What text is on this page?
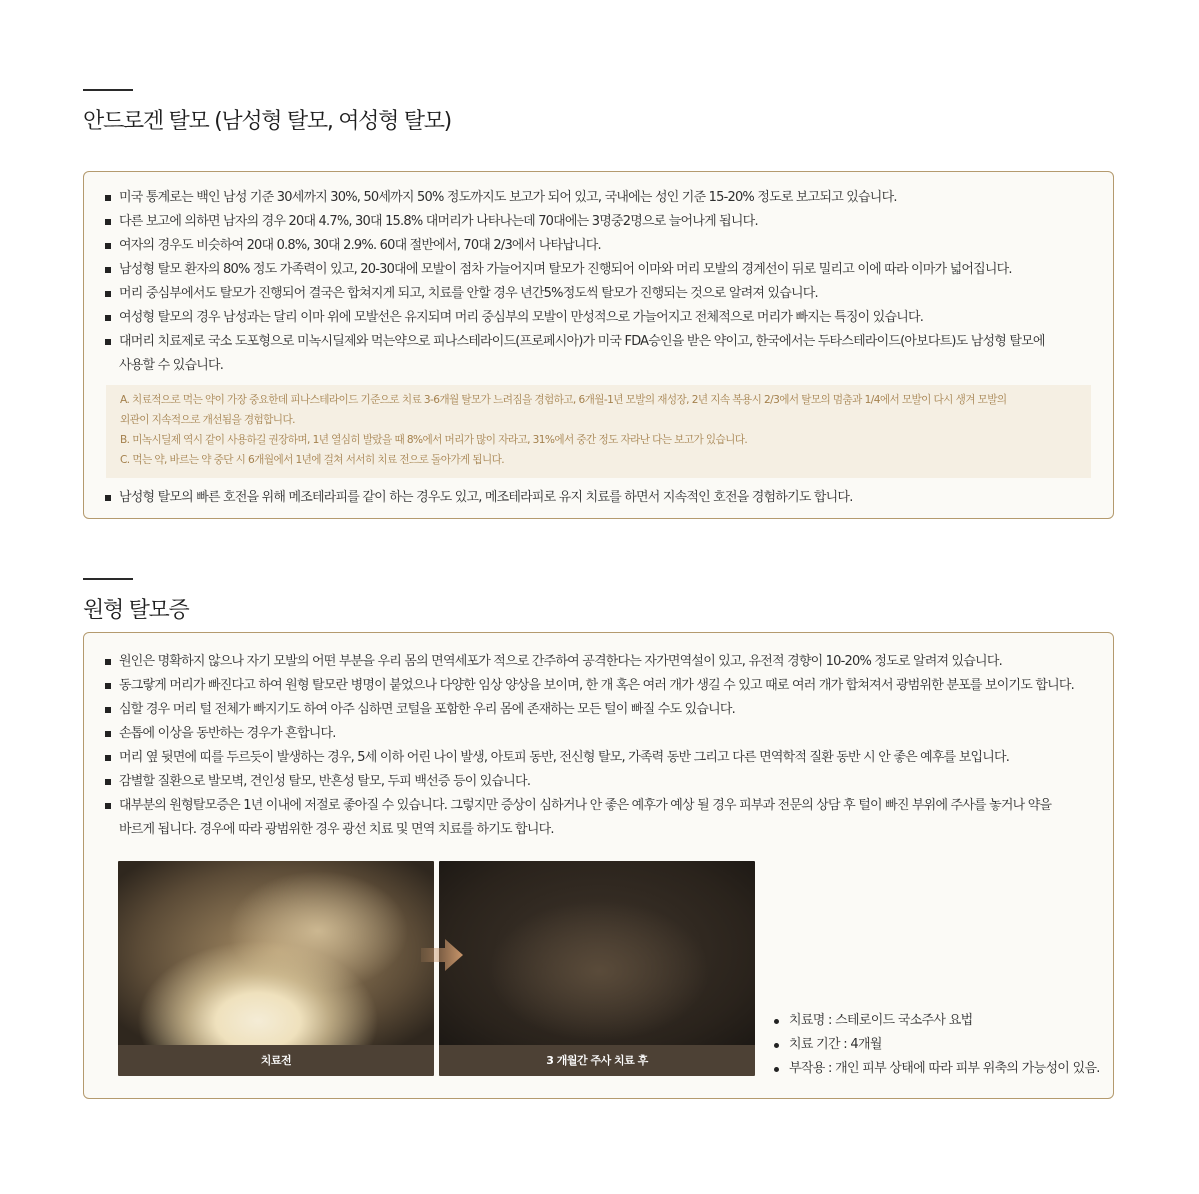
안드로겐 탈모 (남성형 탈모, 여성형 탈모)
미국 통계로는 백인 남성 기준 30세까지 30%, 50세까지 50% 정도까지도 보고가 되어 있고, 국내에는 성인 기준 15-20% 정도로 보고되고 있습니다.
다른 보고에 의하면 남자의 경우 20대 4.7%, 30대 15.8% 대머리가 나타나는데 70대에는 3명중2명으로 늘어나게 됩니다.
여자의 경우도 비슷하여 20대 0.8%, 30대 2.9%. 60대 절반에서, 70대 2/3에서 나타납니다.
남성형 탈모 환자의 80% 정도 가족력이 있고, 20-30대에 모발이 점차 가늘어지며 탈모가 진행되어 이마와 머리 모발의 경계선이 뒤로 밀리고 이에 따라 이마가 넓어집니다.
머리 중심부에서도 탈모가 진행되어 결국은 합쳐지게 되고, 치료를 안할 경우 년간5%정도씩 탈모가 진행되는 것으로 알려져 있습니다.
여성형 탈모의 경우 남성과는 달리 이마 위에 모발선은 유지되며 머리 중심부의 모발이 만성적으로 가늘어지고 전체적으로 머리가 빠지는 특징이 있습니다.
대머리 치료제로 국소 도포형으로 미녹시딜제와 먹는약으로 피나스테라이드(프로페시아)가 미국 FDA승인을 받은 약이고, 한국에서는 두타스테라이드(아보다트)도 남성형 탈모에
사용할 수 있습니다.

A. 치료적으로 먹는 약이 가장 중요한데 피나스테라이드 기준으로 치료 3-6개월 탈모가 느려짐을 경험하고, 6개월-1년 모발의 재성장, 2년 지속 복용시 2/3에서 탈모의 멈춤과 1/4에서 모발이 다시 생겨 모발의

외관이 지속적으로 개선됨을 경험합니다.

B. 미녹시딜제 역시 같이 사용하길 권장하며, 1년 열심히 발랐을 때 8%에서 머리가 많이 자라고, 31%에서 중간 정도 자라난 다는 보고가 있습니다.

C. 먹는 약, 바르는 약 중단 시 6개월에서 1년에 걸쳐 서서히 치료 전으로 돌아가게 됩니다.

남성형 탈모의 빠른 호전을 위해 메조테라피를 같이 하는 경우도 있고, 메조테라피로 유지 치료를 하면서 지속적인 호전을 경험하기도 합니다.
원형 탈모증
원인은 명확하지 않으나 자기 모발의 어떤 부분을 우리 몸의 면역세포가 적으로 간주하여 공격한다는 자가면역설이 있고, 유전적 경향이 10-20% 정도로 알려져 있습니다.
동그랗게 머리가 빠진다고 하여 원형 탈모란 병명이 붙었으나 다양한 임상 양상을 보이며, 한 개 혹은 여러 개가 생길 수 있고 때로 여러 개가 합쳐져서 광범위한 분포를 보이기도 합니다.
심할 경우 머리 털 전체가 빠지기도 하여 아주 심하면 코털을 포함한 우리 몸에 존재하는 모든 털이 빠질 수도 있습니다.
손톱에 이상을 동반하는 경우가 흔합니다.
머리 옆 뒷면에 띠를 두르듯이 발생하는 경우, 5세 이하 어린 나이 발생, 아토피 동반, 전신형 탈모, 가족력 동반 그리고 다른 면역학적 질환 동반 시 안 좋은 예후를 보입니다.
감별할 질환으로 발모벽, 견인성 탈모, 반흔성 탈모, 두피 백선증 등이 있습니다.
대부분의 원형탈모증은 1년 이내에 저절로 좋아질 수 있습니다. 그렇지만 증상이 심하거나 안 좋은 예후가 예상 될 경우 피부과 전문의 상담 후 털이 빠진 부위에 주사를 놓거나 약을
바르게 됩니다. 경우에 따라 광범위한 경우 광선 치료 및 면역 치료를 하기도 합니다.
치료전	3 개월간 주사 치료 후
치료명 : 스테로이드 국소주사 요법
치료 기간 : 4개월
부작용 : 개인 피부 상태에 따라 피부 위축의 가능성이 있음.
